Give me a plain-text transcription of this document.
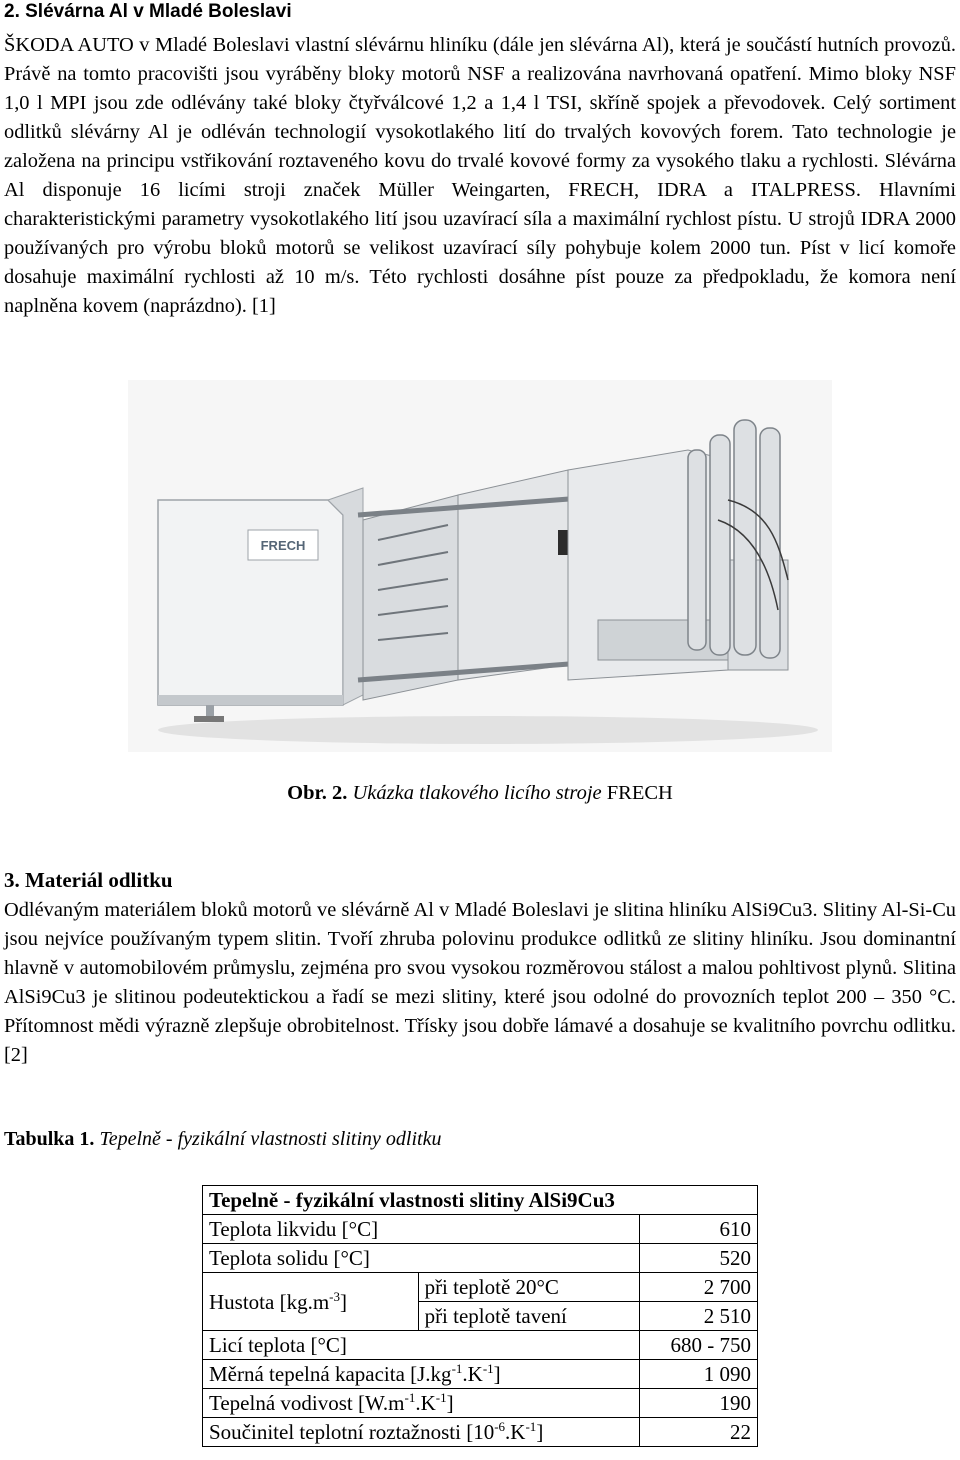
2. Slévárna Al v Mladé Boleslavi

ŠKODA AUTO v Mladé Boleslavi vlastní slévárnu hliníku (dále jen slévárna Al), která je součástí hutních provozů. Právě na tomto pracovišti jsou vyráběny bloky motorů NSF a realizována navrhovaná opatření. Mimo bloky NSF 1,0 l MPI jsou zde odlévány také bloky čtyřválcové 1,2 a 1,4 l TSI, skříně spojek a převodovek. Celý sortiment odlitků slévárny Al je odléván technologií vysokotlakého lití do trvalých kovových forem. Tato technologie je založena na principu vstřikování roztaveného kovu do trvalé kovové formy za vysokého tlaku a rychlosti. Slévárna Al disponuje 16 licími stroji značek Müller Weingarten, FRECH, IDRA a ITALPRESS. Hlavními charakteristickými parametry vysokotlakého lití jsou uzavírací síla a maximální rychlost pístu. U strojů IDRA 2000 používaných pro výrobu bloků motorů se velikost uzavírací síly pohybuje kolem 2000 tun. Píst v licí komoře dosahuje maximální rychlosti až 10 m/s. Této rychlosti dosáhne píst pouze za předpokladu, že komora není naplněna kovem (naprázdno). [1]

FRECH
Obr. 2. Ukázka tlakového licího stroje FRECH
3. Materiál odlitku

Odlévaným materiálem bloků motorů ve slévárně Al v Mladé Boleslavi je slitina hliníku AlSi9Cu3. Slitiny Al-Si-Cu jsou nejvíce používaným typem slitin. Tvoří zhruba polovinu produkce odlitků ze slitiny hliníku. Jsou dominantní hlavně v automobilovém průmyslu, zejména pro svou vysokou rozměrovou stálost a malou pohltivost plynů. Slitina AlSi9Cu3 je slitinou podeutektickou a řadí se mezi slitiny, které jsou odolné do provozních teplot 200 – 350 °C. Přítomnost mědi výrazně zlepšuje obrobitelnost. Třísky jsou dobře lámavé a dosahuje se kvalitního povrchu odlitku. [2]

Tabulka 1. Tepelně - fyzikální vlastnosti slitiny odlitku
Tepelně - fyzikální vlastnosti slitiny AlSi9Cu3		
Teplota likvidu [°C]		610
Teplota solidu [°C]		520
Hustota $[kg.m^{-3}]$	při teplotě 20°C	2 700
	při teplotě tavení	2 510
Licí teplota [°C]		680 - 750
Měrná tepelná kapacita $[J.kg^{-1}.K^{-1}]$		1 090
Tepelná vodivost $[W.m^{-1}.K^{-1}]$		190
Součinitel teplotní roztažnosti $[10^{-6}.K^{-1}]$		22
